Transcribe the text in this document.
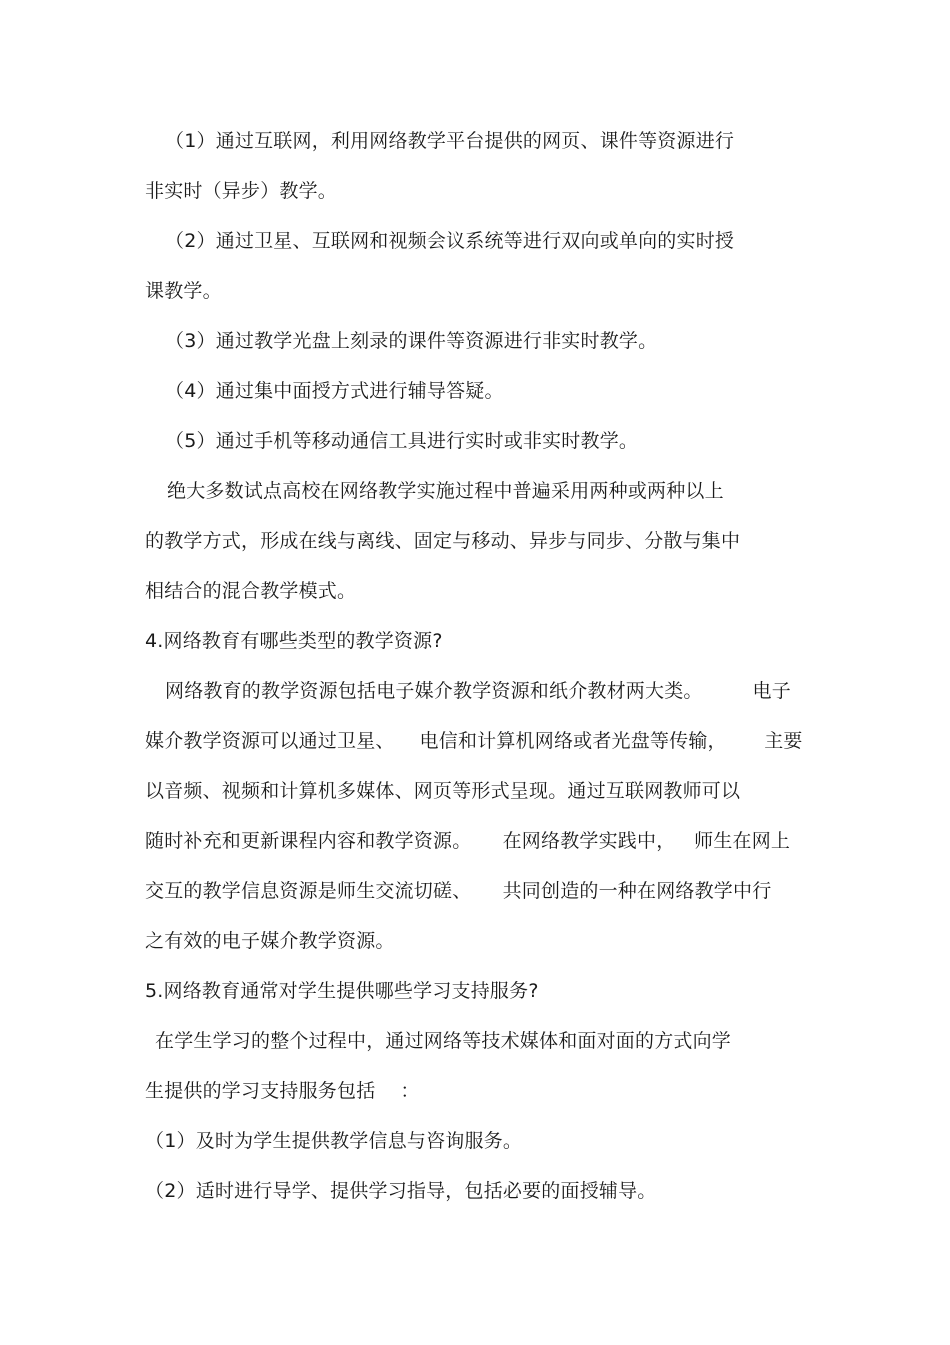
（1）通过互联网，利用网络教学平台提供的网页、课件等资源进行
非实时（异步）教学。
（2）通过卫星、互联网和视频会议系统等进行双向或单向的实时授
课教学。
（3）通过教学光盘上刻录的课件等资源进行非实时教学。
（4）通过集中面授方式进行辅导答疑。
（5）通过手机等移动通信工具进行实时或非实时教学。
绝大多数试点高校在网络教学实施过程中普遍采用两种或两种以上
的教学方式，形成在线与离线、固定与移动、异步与同步、分散与集中
相结合的混合教学模式。
4.网络教育有哪些类型的教学资源?
网络教育的教学资源包括电子媒介教学资源和纸介教材两大类。        电子
媒介教学资源可以通过卫星、    电信和计算机网络或者光盘等传输，      主要
以音频、视频和计算机多媒体、网页等形式呈现。通过互联网教师可以
随时补充和更新课程内容和教学资源。     在网络教学实践中，   师生在网上
交互的教学信息资源是师生交流切磋、     共同创造的一种在网络教学中行
之有效的电子媒介教学资源。
5.网络教育通常对学生提供哪些学习支持服务?
在学生学习的整个过程中，通过网络等技术媒体和面对面的方式向学
生提供的学习支持服务包括    ：
（1）及时为学生提供教学信息与咨询服务。
（2）适时进行导学、提供学习指导，包括必要的面授辅导。
